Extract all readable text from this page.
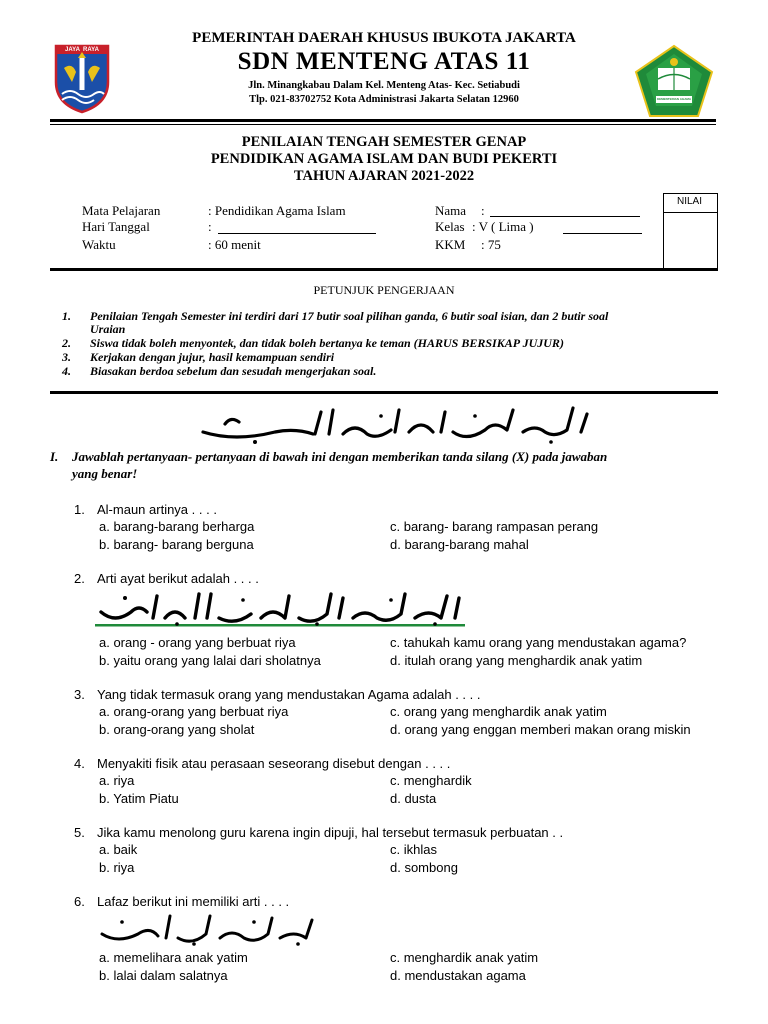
JAYA  RAYA
PEMERINTAH DAERAH KHUSUS IBUKOTA JAKARTA
SDN MENTENG ATAS 11
Jln. Minangkabau Dalam Kel. Menteng Atas- Kec. Setiabudi
Tlp. 021-83702752 Kota Administrasi Jakarta Selatan 12960	KEMENTERIAN AGAMA
PENILAIAN TENGAH SEMESTER GENAP
PENDIDIKAN AGAMA ISLAM DAN BUDI PEKERTI
TAHUN AJARAN 2021-2022
Mata Pelajaran	: Pendidikan Agama Islam
Hari Tanggal	:
Waktu	: 60 menit
Nama :
Kelas : V ( Lima )
KKM : 75
NILAI
PETUNJUK PENGERJAAN
1. Penilaian Tengah Semester ini terdiri dari 17 butir soal pilihan ganda, 6 butir soal isian, dan 2 butir soal
Uraian
2. Siswa tidak boleh menyontek, dan tidak boleh bertanya ke teman (HARUS BERSIKAP JUJUR)
3. Kerjakan dengan jujur, hasil kemampuan sendiri
4. Biasakan berdoa sebelum dan sesudah mengerjakan soal.
I. Jawablah pertanyaan- pertanyaan di bawah ini dengan memberikan tanda silang (X) pada jawaban
yang benar!
1. Al-maun artinya . . . .
a. barang-barang berharga	c. barang- barang rampasan perang
b. barang- barang berguna	d. barang-barang mahal
2. Arti ayat berikut adalah . . . .
a. orang - orang yang berbuat riya	c. tahukah kamu orang yang mendustakan agama?
b. yaitu orang yang lalai dari sholatnya	d. itulah orang yang menghardik anak yatim
3. Yang tidak termasuk orang yang mendustakan Agama adalah . . . .
a. orang-orang yang berbuat riya	c. orang yang menghardik anak yatim
b. orang-orang yang sholat	d. orang yang enggan memberi makan orang miskin
4. Menyakiti fisik atau perasaan seseorang disebut dengan . . . .
a. riya	c. menghardik
b. Yatim Piatu	d. dusta
5. Jika kamu menolong guru karena ingin dipuji, hal tersebut termasuk perbuatan . .
a. baik	c. ikhlas
b. riya	d. sombong
6. Lafaz berikut ini memiliki arti . . . .
a. memelihara anak yatim	c. menghardik anak yatim
b. lalai dalam salatnya	d. mendustakan agama
